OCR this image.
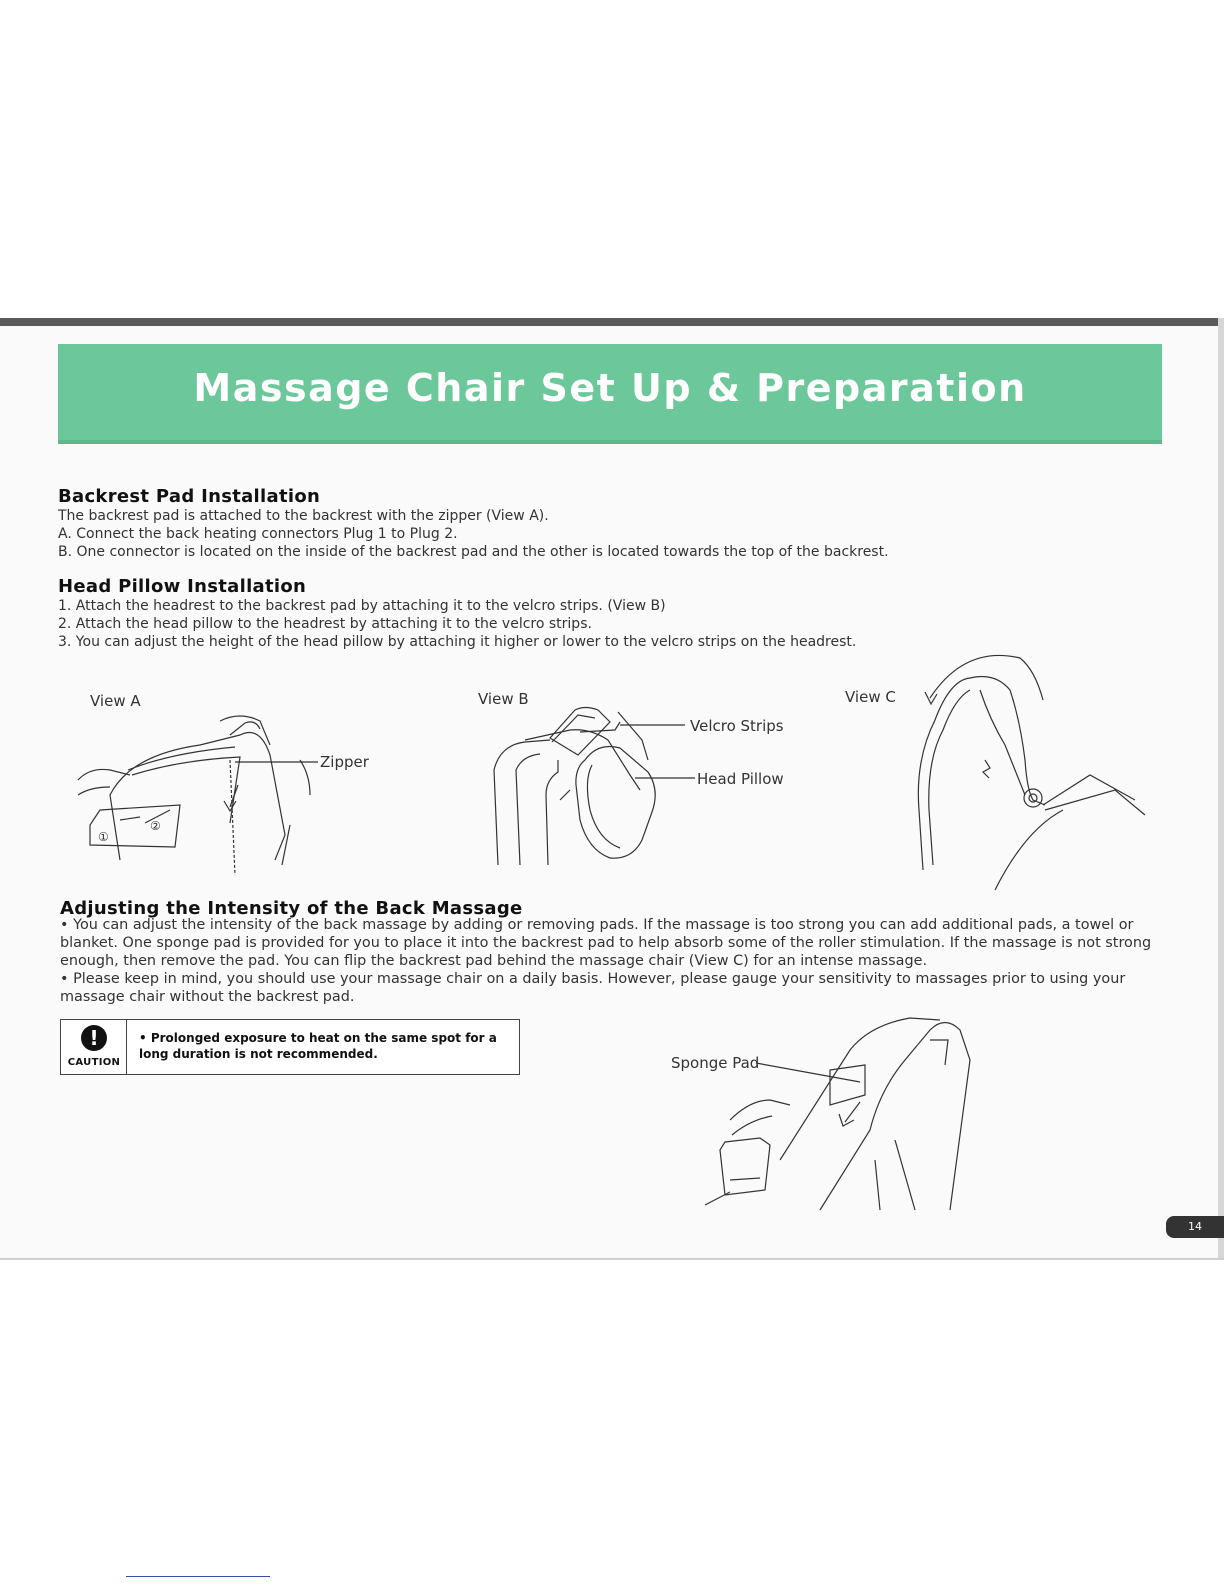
Massage Chair Set Up & Preparation
Backrest Pad Installation
The backrest pad is attached to the backrest with the zipper (View A).
A. Connect the back heating connectors Plug 1 to Plug 2.
B. One connector is located on the inside of the backrest pad and the other is located towards the top of the backrest.
Head Pillow Installation
1. Attach the headrest to the backrest pad by attaching it to the velcro strips. (View B)
2. Attach the head pillow to the headrest by attaching it to the velcro strips.
3. You can adjust the height of the head pillow by attaching it higher or lower to the velcro strips on the headrest.
View A
①
②
Zipper
View B
Velcro Strips
Head Pillow
View C
Adjusting the Intensity of the Back Massage
• You can adjust the intensity of the back massage by adding or removing pads. If the massage is too strong you can add additional pads, a towel or blanket. One sponge pad is provided for you to place it into the backrest pad to help absorb some of the roller stimulation. If the massage is not strong enough, then remove the pad. You can flip the backrest pad behind the massage chair (View C) for an intense massage.
• Please keep in mind, you should use your massage chair on a daily basis. However, please gauge your sensitivity to massages prior to using your massage chair without the backrest pad.
!
CAUTION
• Prolonged exposure to heat on the same spot for a long duration is not recommended.	Sponge Pad
14
